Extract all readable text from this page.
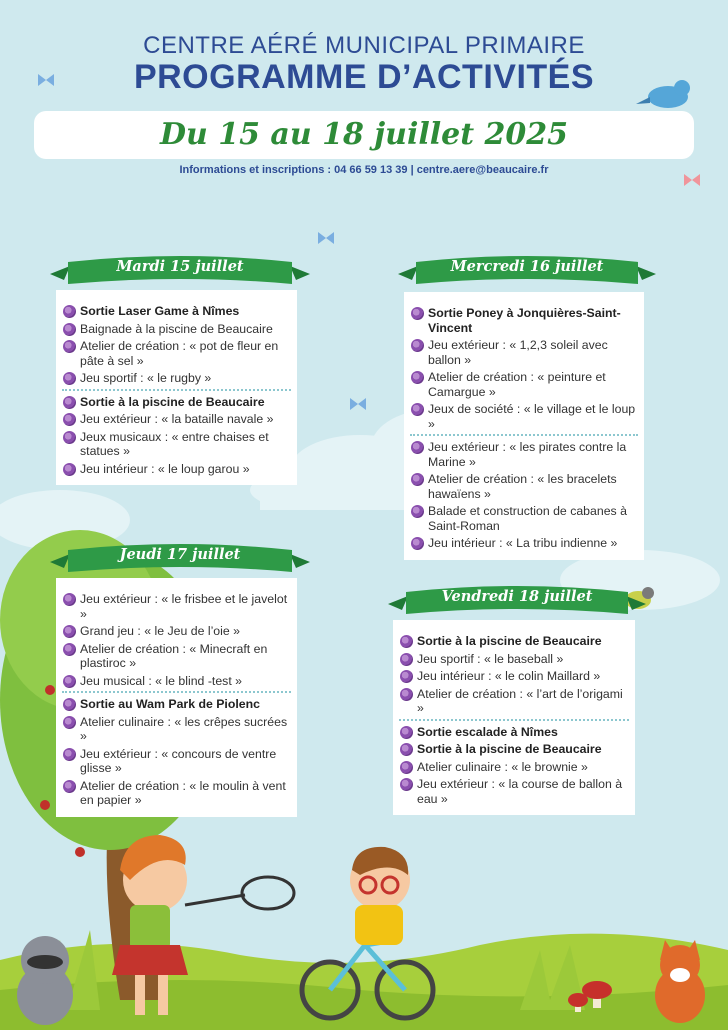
CENTRE AÉRÉ MUNICIPAL PRIMAIRE
PROGRAMME D’ACTIVITÉS
Du 15 au 18 juillet 2025
Informations et inscriptions : 04 66 59 13 39 | centre.aere@beaucaire.fr
Sortie Laser Game à Nîmes
Baignade à la piscine de Beaucaire
Atelier de création : « pot de fleur en pâte à sel »
Jeu sportif : « le rugby »
Sortie à la piscine de Beaucaire
Jeu extérieur : « la bataille navale »
Jeux musicaux : « entre chaises et statues »
Jeu intérieur : « le loup garou »
Mardi 15 juillet
Sortie Poney à Jonquières-Saint-Vincent
Jeu extérieur : « 1,2,3 soleil avec ballon »
Atelier de création : « peinture et Camargue »
Jeux de société : « le village et le loup »
Jeu extérieur : « les pirates contre la Marine »
Atelier de création : « les bracelets hawaïens »
Balade et construction de cabanes à Saint-Roman
Jeu intérieur : « La tribu indienne »
Mercredi 16 juillet
Jeu extérieur : « le frisbee et le javelot »
Grand jeu : « le Jeu de l’oie »
Atelier de création : « Minecraft en plastiroc »
Jeu musical : « le blind -test »
Sortie au Wam Park de Piolenc
Atelier culinaire : « les crêpes sucrées »
Jeu extérieur : « concours de ventre glisse »
Atelier de création : « le moulin à vent en papier »
Jeudi 17 juillet
Sortie à la piscine de Beaucaire
Jeu sportif : « le baseball »
Jeu intérieur : « le colin Maillard »
Atelier de création : « l’art de l’origami »
Sortie escalade à Nîmes
Sortie à la piscine de Beaucaire
Atelier culinaire : « le brownie »
Jeu extérieur : « la course de ballon à eau »
Vendredi 18 juillet
